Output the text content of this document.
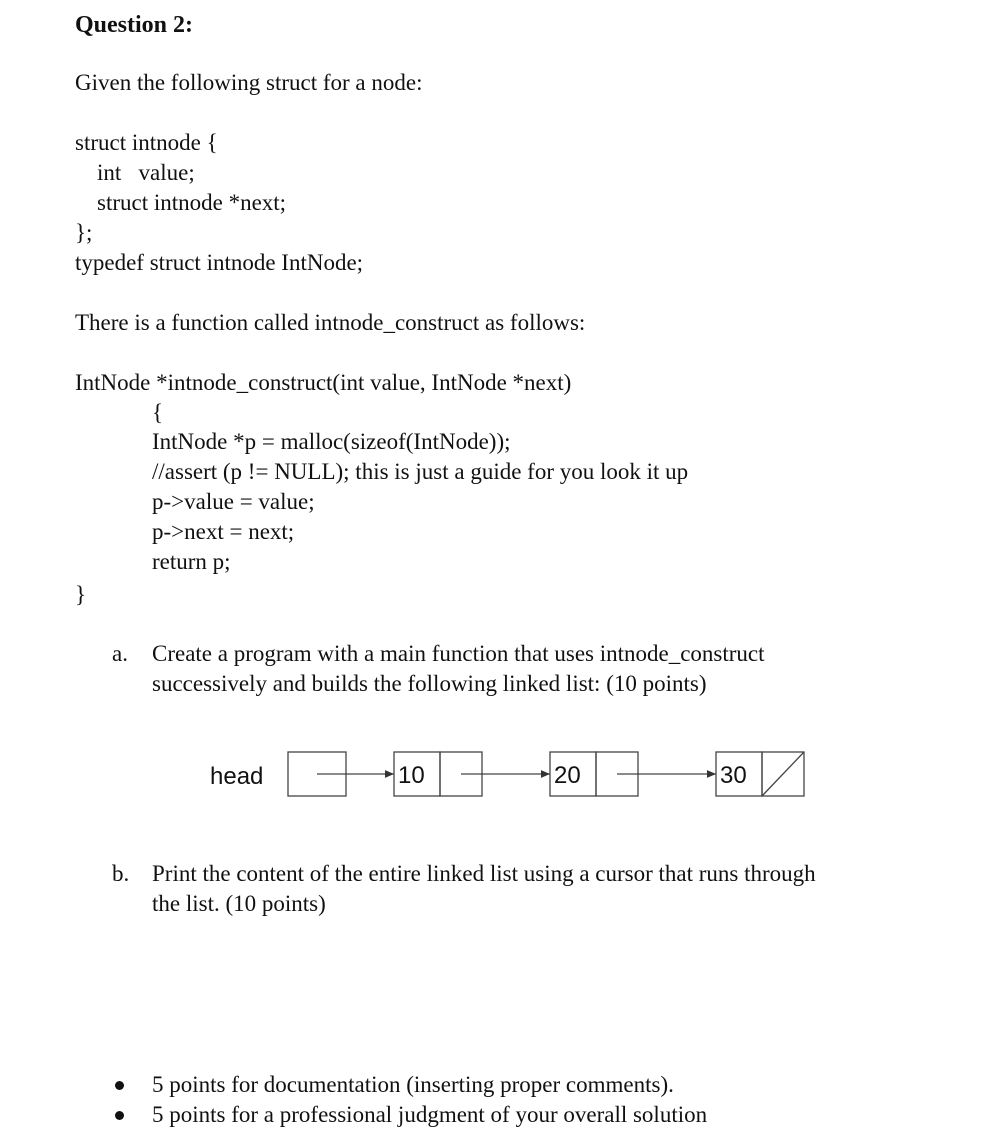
Question 2:
Given the following struct for a node:
struct intnode {
int   value;
struct intnode *next;
};
typedef struct intnode IntNode;
There is a function called intnode_construct as follows:
IntNode *intnode_construct(int value, IntNode *next)
{
IntNode *p = malloc(sizeof(IntNode));
//assert (p != NULL); this is just a guide for you look it up
p->value = value;
p->next = next;
return p;
}
a. Create a program with a main function that uses intnode_construct
successively and builds the following linked list: (10 points)
head	10	20	30
b. Print the content of the entire linked list using a cursor that runs through
the list. (10 points)
5 points for documentation (inserting proper comments).
5 points for a professional judgment of your overall solution
